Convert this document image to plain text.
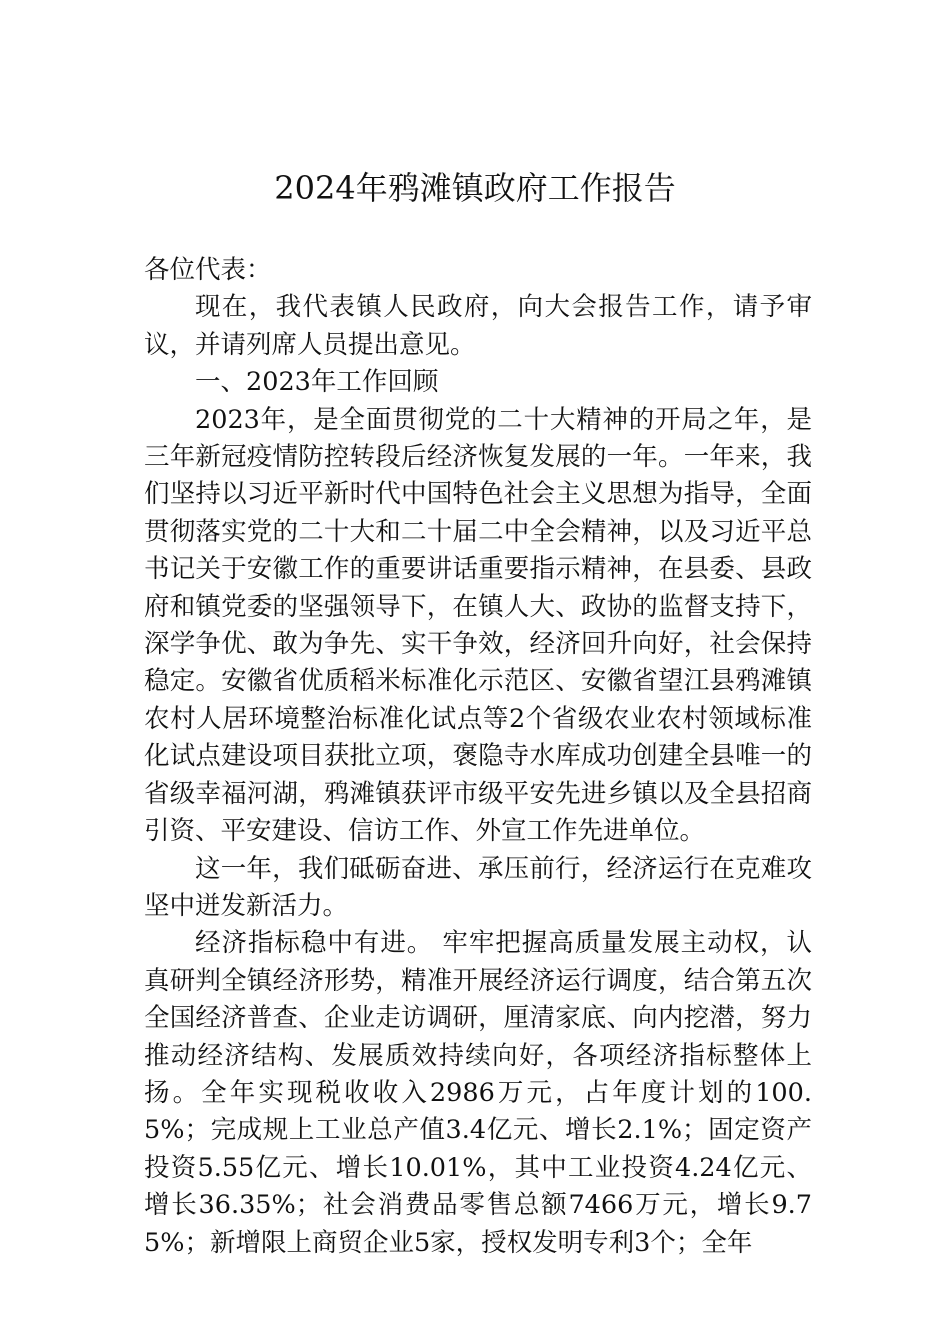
2024年鸦滩镇政府工作报告

各位代表：

现在，我代表镇人民政府，向大会报告工作，请予审议，并请列席人员提出意见。

一、2023年工作回顾

2023年，是全面贯彻党的二十大精神的开局之年，是三年新冠疫情防控转段后经济恢复发展的一年。一年来，我们坚持以习近平新时代中国特色社会主义思想为指导，全面贯彻落实党的二十大和二十届二中全会精神，以及习近平总书记关于安徽工作的重要讲话重要指示精神，在县委、县政府和镇党委的坚强领导下，在镇人大、政协的监督支持下，深学争优、敢为争先、实干争效，经济回升向好，社会保持稳定。安徽省优质稻米标准化示范区、安徽省望江县鸦滩镇农村人居环境整治标准化试点等2个省级农业农村领域标准化试点建设项目获批立项，褒隐寺水库成功创建全县唯一的省级幸福河湖，鸦滩镇获评市级平安先进乡镇以及全县招商引资、平安建设、信访工作、外宣工作先进单位。

这一年，我们砥砺奋进、承压前行，经济运行在克难攻坚中迸发新活力。

经济指标稳中有进。 牢牢把握高质量发展主动权，认真研判全镇经济形势，精准开展经济运行调度，结合第五次全国经济普查、企业走访调研，厘清家底、向内挖潜，努力推动经济结构、发展质效持续向好，各项经济指标整体上扬。全年实现税收收入2986万元，占年度计划的100.5%；完成规上工业总产值3.4亿元、增长2.1%；固定资产投资5.55亿元、增长10.01%，其中工业投资4.24亿元、增长36.35%；社会消费品零售总额7466万元，增长9.75%；新增限上商贸企业5家，授权发明专利3个；全年
